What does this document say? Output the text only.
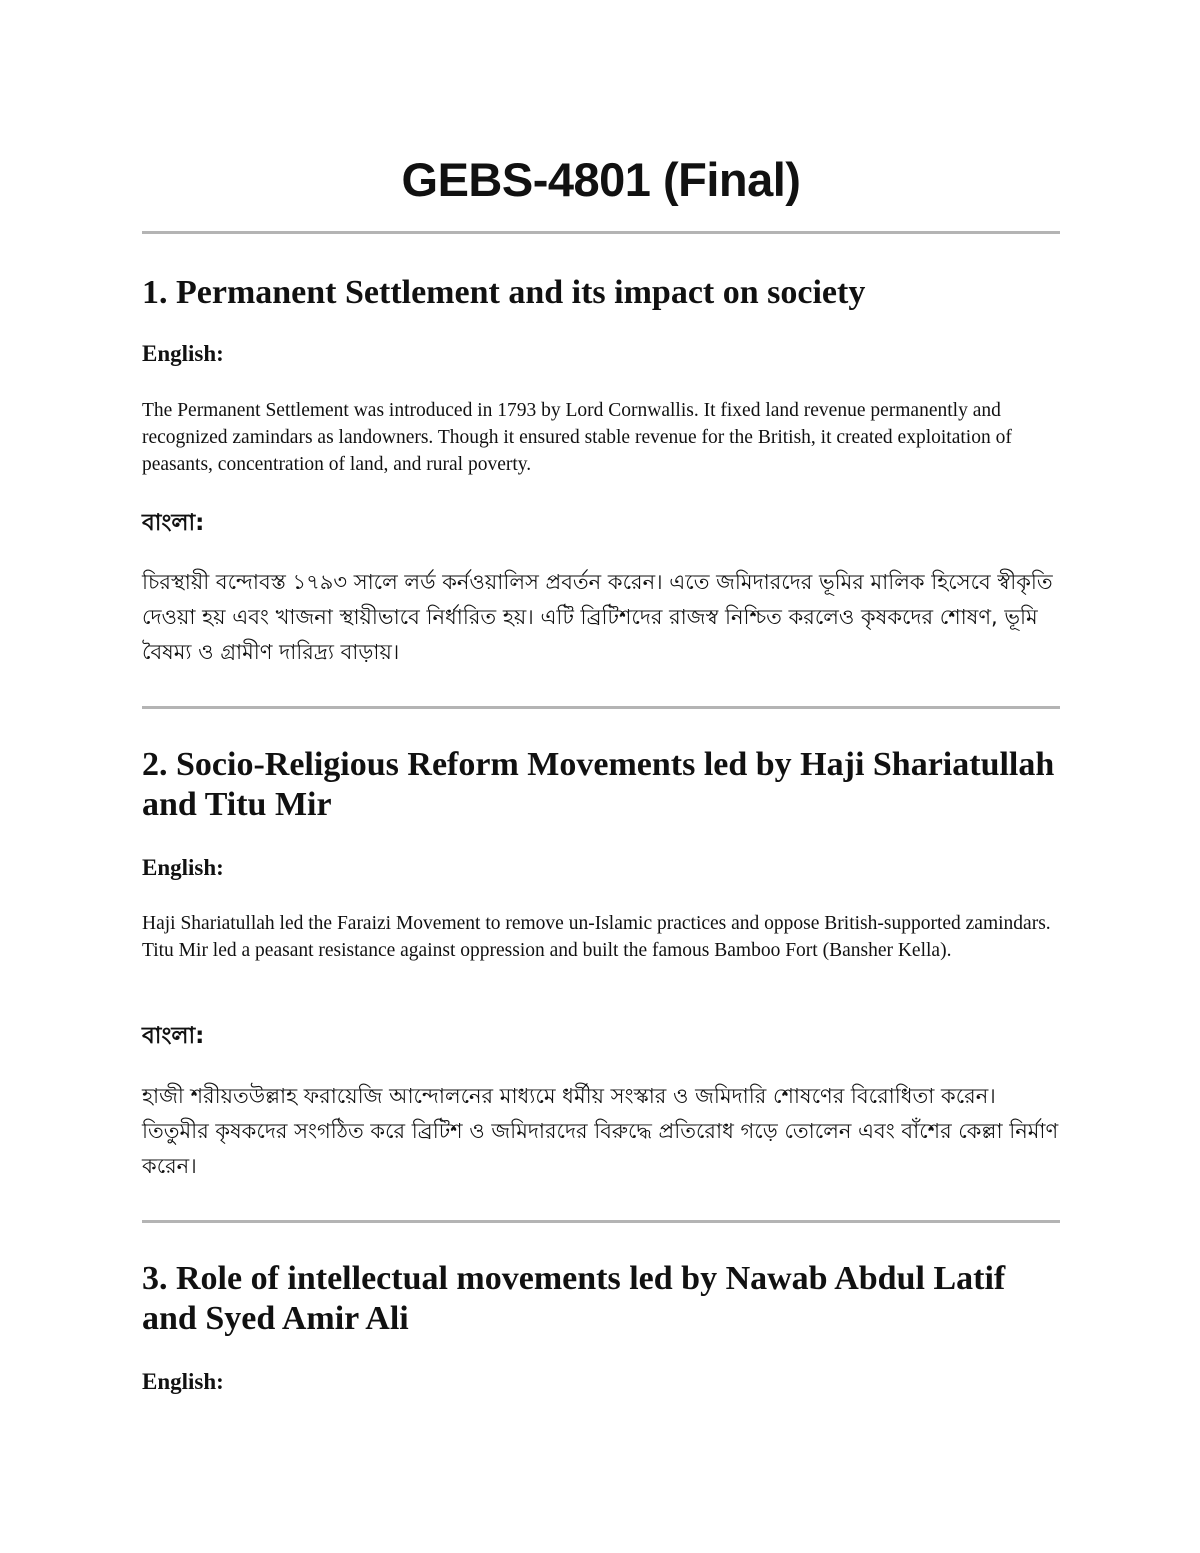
GEBS-4801 (Final)
1. Permanent Settlement and its impact on society

English:

The Permanent Settlement was introduced in 1793 by Lord Cornwallis. It fixed land revenue permanently and recognized zamindars as landowners. Though it ensured stable revenue for the British, it created exploitation of peasants, concentration of land, and rural poverty.

বাংলা:

চিরস্থায়ী বন্দোবস্ত ১৭৯৩ সালে লর্ড কর্নওয়ালিস প্রবর্তন করেন। এতে জমিদারদের ভূমির মালিক হিসেবে স্বীকৃতি দেওয়া হয় এবং খাজনা স্থায়ীভাবে নির্ধারিত হয়। এটি ব্রিটিশদের রাজস্ব নিশ্চিত করলেও কৃষকদের শোষণ, ভূমি বৈষম্য ও গ্রামীণ দারিদ্র্য বাড়ায়।

2. Socio-Religious Reform Movements led by Haji Shariatullah and Titu Mir

English:

Haji Shariatullah led the Faraizi Movement to remove un-Islamic practices and oppose British-supported zamindars. Titu Mir led a peasant resistance against oppression and built the famous Bamboo Fort (Bansher Kella).

বাংলা:

হাজী শরীয়তউল্লাহ ফরায়েজি আন্দোলনের মাধ্যমে ধর্মীয় সংস্কার ও জমিদারি শোষণের বিরোধিতা করেন। তিতুমীর কৃষকদের সংগঠিত করে ব্রিটিশ ও জমিদারদের বিরুদ্ধে প্রতিরোধ গড়ে তোলেন এবং বাঁশের কেল্লা নির্মাণ করেন।

3. Role of intellectual movements led by Nawab Abdul Latif and Syed Amir Ali

English:
